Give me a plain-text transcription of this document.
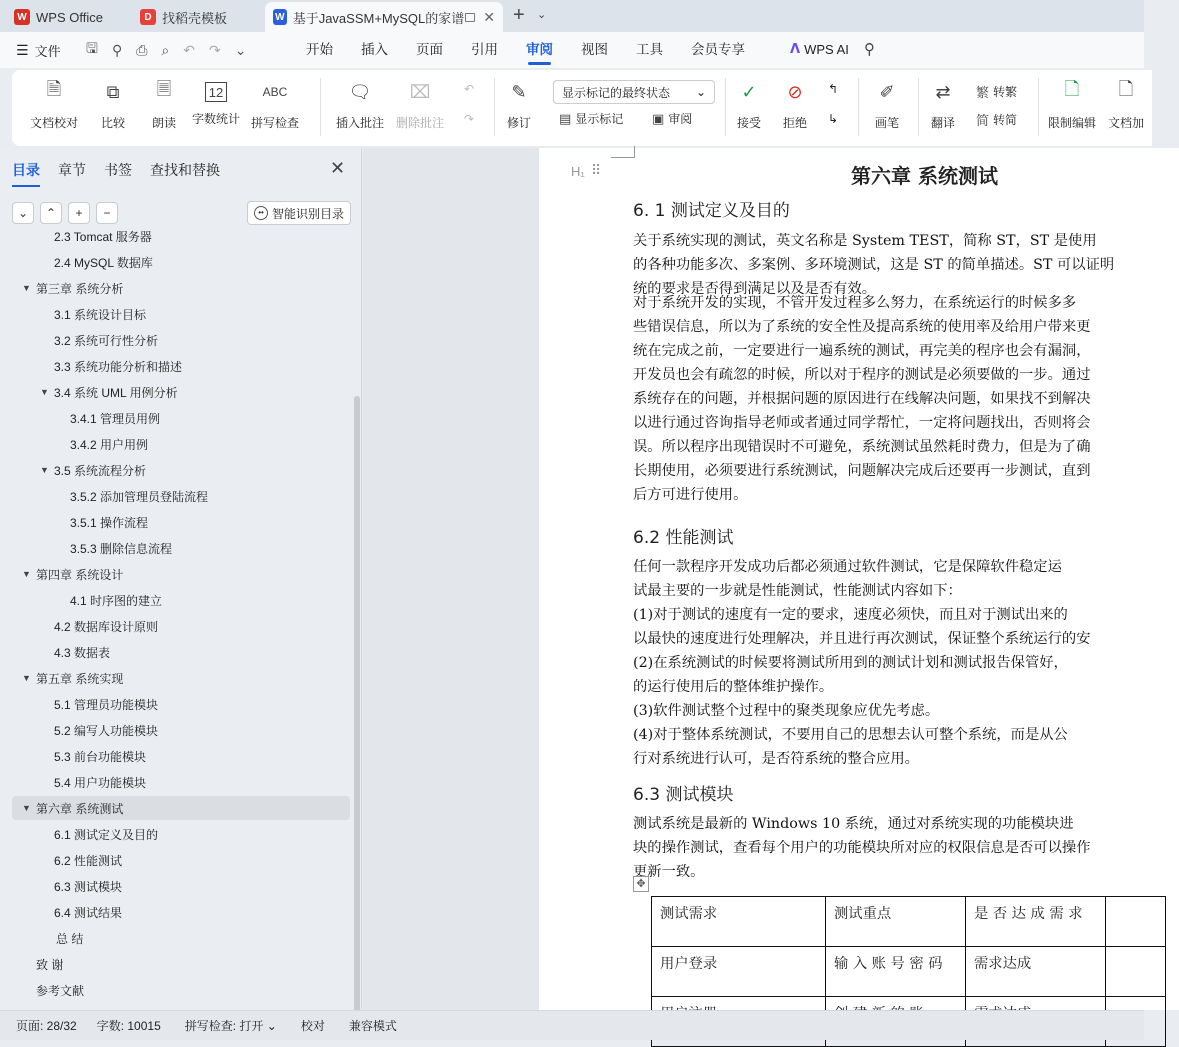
W WPS Office	D 找稻壳模板	W 基于JavaSSM+MySQL的家谱 ✕ + ⌄
☰ 文件 🖫 ⚲ ⎙ ⌕ ↶ ↷ ⌄	开始 插入 页面 引用 审阅 视图 工具 会员专享	ᐱ WPS AI ⚲
🗎
文档校对
⧉
比较
🗏
朗读
12
字数统计
ABC
拼写检查
🗨
插入批注
⌧
删除批注
↶
↷
✎
修订
显示标记的最终状态 ⌄
▤ 显示标记 ▣ 审阅
✓
接受
⊘
拒绝
↰
↳
✐
画笔
⇄
翻译
繁 转繁
简 转简
🗋
限制编辑
🗋
文档加
目录 章节 书签 查找和替换	✕
⌄	⌃	+	−	•• 智能识别目录
2.3 Tomcat 服务器
2.4 MySQL 数据库
▼ 第三章 系统分析
3.1 系统设计目标
3.2 系统可行性分析
3.3 系统功能分析和描述
▼ 3.4 系统 UML 用例分析
3.4.1 管理员用例
3.4.2 用户用例
▼ 3.5 系统流程分析
3.5.2 添加管理员登陆流程
3.5.1 操作流程
3.5.3 删除信息流程
▼ 第四章 系统设计
4.1 时序图的建立
4.2 数据库设计原则
4.3 数据表
▼ 第五章 系统实现
5.1 管理员功能模块
5.2 编写人功能模块
5.3 前台功能模块
5.4 用户功能模块
▼ 第六章 系统测试
6.1 测试定义及目的
6.2 性能测试
6.3 测试模块
6.4 测试结果
总 结
致 谢
参考文献
H₁ ⠿	第六章 系统测试
6. 1 测试定义及目的
6.2 性能测试
6.3 测试模块
关于系统实现的测试，英文名称是 System TEST，简称 ST，ST 是使用
的各种功能多次、多案例、多环境测试，这是 ST 的简单描述。ST 可以证明
统的要求是否得到满足以及是否有效。
对于系统开发的实现，不管开发过程多么努力，在系统运行的时候多多
些错误信息，所以为了系统的安全性及提高系统的使用率及给用户带来更
统在完成之前，一定要进行一遍系统的测试，再完美的程序也会有漏洞，
开发员也会有疏忽的时候，所以对于程序的测试是必须要做的一步。通过
系统存在的问题，并根据问题的原因进行在线解决问题，如果找不到解决
以进行通过咨询指导老师或者通过同学帮忙，一定将问题找出，否则将会
误。所以程序出现错误时不可避免，系统测试虽然耗时费力，但是为了确
长期使用，必须要进行系统测试，问题解决完成后还要再一步测试，直到
后方可进行使用。
任何一款程序开发成功后都必须通过软件测试，它是保障软件稳定运
试最主要的一步就是性能测试，性能测试内容如下：
(1)对于测试的速度有一定的要求，速度必须快，而且对于测试出来的
以最快的速度进行处理解决，并且进行再次测试，保证整个系统运行的安
(2)在系统测试的时候要将测试所用到的测试计划和测试报告保管好，
的运行使用后的整体维护操作。
(3)软件测试整个过程中的聚类现象应优先考虑。
(4)对于整体系统测试，不要用自己的思想去认可整个系统，而是从公
行对系统进行认可，是否符系统的整合应用。
测试系统是最新的 Windows 10 系统，通过对系统实现的功能模块进
块的操作测试，查看每个用户的功能模块所对应的权限信息是否可以操作
更新一致。
✥
测试需求	测试重点	是 否 达 成 需 求	
用户登录	输 入 账 号 密 码	需求达成	

页面: 28/32 字数: 10015 拼写检查: 打开 ⌄ 校对 兼容模式
